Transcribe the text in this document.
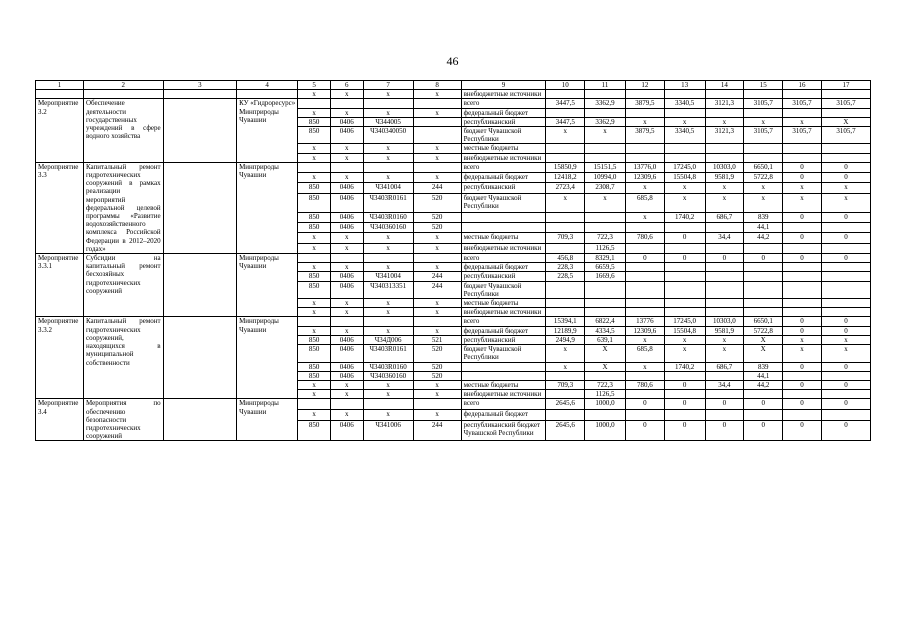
46
1	2	3	4	5	6	7	8	9	10	11	12	13	14	15	16	17
				x	x	x	x	внебюджетные источники								
Мероприятие 3.2	Обеспечение деятельности государственных учреждений в сфере водного хозяйства		КУ «Гидроресурс» Минприроды Чувашии					всего	3447,5	3362,9	3879,5	3340,5	3121,3	3105,7	3105,7	3105,7
				x	x	x	x	федеральный бюджет								
				850	0406	Ч344005		республиканский	3447,5	3362,9	x	x	x	x	x	X
				850	0406	Ч340340050		бюджет Чувашской Республики	x	x	3879,5	3340,5	3121,3	3105,7	3105,7	3105,7
				x	x	x	x	местные бюджеты								
				x	x	x	x	внебюджетные источники								
Мероприятие 3.3	Капитальный ремонт гидротехнических сооружений в рамках реализации мероприятий федеральной целевой программы «Развитие водохозяйственного комплекса Российской Федерации в 2012–2020 годах»		Минприроды Чувашии					всего	15850,9	15151,5	13776,0	17245,0	10303,0	6650,1	0	0
				x	x	x	x	федеральный бюджет	12418,2	10994,0	12309,6	15504,8	9581,9	5722,8	0	0
				850	0406	Ч341004	244	республиканский	2723,4	2308,7	x	x	x	x	x	x
				850	0406	Ч3403R0161	520	бюджет Чувашской Республики	x	x	685,8	x	x	x	x	x
				850	0406	Ч3403R0160	520				x	1740,2	686,7	839	0	0
				850	0406	Ч340360160	520							44,1		
				x	x	x	x	местные бюджеты	709,3	722,3	780,6	0	34,4	44,2	0	0
				x	x	x	x	внебюджетные источники		1126,5						
Мероприятие 3.3.1	Субсидии на капитальный ремонт бесхозяйных гидротехнических сооружений		Минприроды Чувашии					всего	456,8	8329,1	0	0	0	0	0	0
				x	x	x	x	федеральный бюджет	228,3	6659,5						
				850	0406	Ч341004	244	республиканский	228,5	1669,6						
				850	0406	Ч340313351	244	бюджет Чувашской Республики								
				x	x	x	x	местные бюджеты								
				x	x	x	x	внебюджетные источники								
Мероприятие 3.3.2	Капитальный ремонт гидротехнических сооружений, находящихся в муниципальной собственности		Минприроды Чувашии					всего	15394,1	6822,4	13776	17245,0	10303,0	6650,1	0	0
				x	x	x	x	федеральный бюджет	12189,9	4334,5	12309,6	15504,8	9581,9	5722,8	0	0
				850	0406	Ч34Д006	521	республиканский	2494,9	639,1	x	x	x	X	x	x
				850	0406	Ч3403R0161	520	бюджет Чувашской Республики	x	X	685,8	x	x	X	x	x
				850	0406	Ч3403R0160	520		x	X	x	1740,2	686,7	839	0	0
				850	0406	Ч340360160	520							44,1		
				x	x	x	x	местные бюджеты	709,3	722,3	780,6	0	34,4	44,2	0	0
				x	x	x	x	внебюджетные источники		1126,5						
Мероприятие 3.4	Мероприятия по обеспечению безопасности гидротехнических сооружений		Минприроды Чувашии					всего	2645,6	1000,0	0	0	0	0	0	0
				x	x	x	x	федеральный бюджет								
				850	0406	Ч341006	244	республиканский бюджет Чувашской Республики	2645,6	1000,0	0	0	0	0	0	0
